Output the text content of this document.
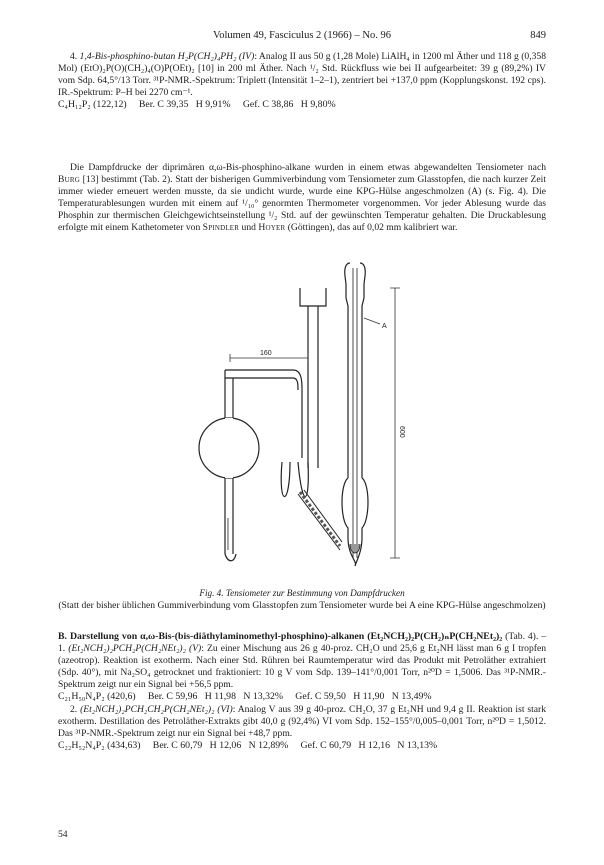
Volumen 49, Fasciculus 2 (1966) – No. 96	849

4. 1,4-Bis-phosphino-butan H₂P(CH₂)₄PH₂ (IV): Analog II aus 50 g (1,28 Mole) LiAlH₄ in 1200 ml Äther und 118 g (0,358 Mol) (EtO)₂P(O)(CH₂)₄(O)P(OEt)₂ [10] in 200 ml Äther. Nach ¹/₂ Std. Rückfluss wie bei II aufgearbeitet: 39 g (89,2%) IV vom Sdp. 64,5°/13 Torr. ³¹P-NMR.-Spektrum: Triplett (Intensität 1–2–1), zentriert bei +137,0 ppm (Kopplungskonst. 192 cps). IR.-Spektrum: P–H bei 2270 cm⁻¹.

C₄H₁₂P₂ (122,12)     Ber. C 39,35   H 9,91%     Gef. C 38,86   H 9,80%

Die Dampfdrucke der diprimären α,ω-Bis-phosphino-alkane wurden in einem etwas abgewandelten Tensiometer nach Burg [13] bestimmt (Tab. 2). Statt der bisherigen Gummiverbindung vom Tensiometer zum Glasstopfen, die nach kurzer Zeit immer wieder erneuert werden musste, da sie undicht wurde, wurde eine KPG-Hülse angeschmolzen (A) (s. Fig. 4). Die Temperaturablesungen wurden mit einem auf ¹/₁₀° genormten Thermometer vorgenommen. Vor jeder Ablesung wurde das Phosphin zur thermischen Gleichgewichtseinstellung ¹/₂ Std. auf der gewünschten Temperatur gehalten. Die Druckablesung erfolgte mit einem Kathetometer von Spindler und Hoyer (Göttingen), das auf 0,02 mm kalibriert war.

A
160
600

Fig. 4. Tensiometer zur Bestimmung von Dampfdrucken

(Statt der bisher üblichen Gummiverbindung vom Glasstopfen zum Tensiometer wurde bei A eine KPG-Hülse angeschmolzen)

B. Darstellung von α,ω-Bis-(bis-diäthylaminomethyl-phosphino)-alkanen (Et₂NCH₂)₂P(CH₂)ₙP(CH₂NEt₂)₂ (Tab. 4). – 1. (Et₂NCH₂)₂PCH₂P(CH₂NEt₂)₂ (V): Zu einer Mischung aus 26 g 40-proz. CH₂O und 25,6 g Et₂NH lässt man 6 g I tropfen (azeotrop). Reaktion ist exotherm. Nach einer Std. Rühren bei Raumtemperatur wird das Produkt mit Petroläther extrahiert (Sdp. 40°), mit Na₂SO₄ getrocknet und fraktioniert: 10 g V vom Sdp. 139–141°/0,001 Torr, n²⁰D = 1,5006. Das ³¹P-NMR.-Spektrum zeigt nur ein Signal bei +56,5 ppm.

C₂₁H₅₀N₄P₂ (420,6)     Ber. C 59,96   H 11,98   N 13,32%     Gef. C 59,50   H 11,90   N 13,49%

2. (Et₂NCH₂)₂PCH₂CH₂P(CH₂NEt₂)₂ (VI): Analog V aus 39 g 40-proz. CH₂O, 37 g Et₂NH und 9,4 g II. Reaktion ist stark exotherm. Destillation des Petroläther-Extrakts gibt 40,0 g (92,4%) VI vom Sdp. 152–155°/0,005–0,001 Torr, n²⁰D = 1,5012. Das ³¹P-NMR.-Spektrum zeigt nur ein Signal bei +48,7 ppm.

C₂₂H₅₂N₄P₂ (434,63)     Ber. C 60,79   H 12,06   N 12,89%     Gef. C 60,79   H 12,16   N 13,13%

54
